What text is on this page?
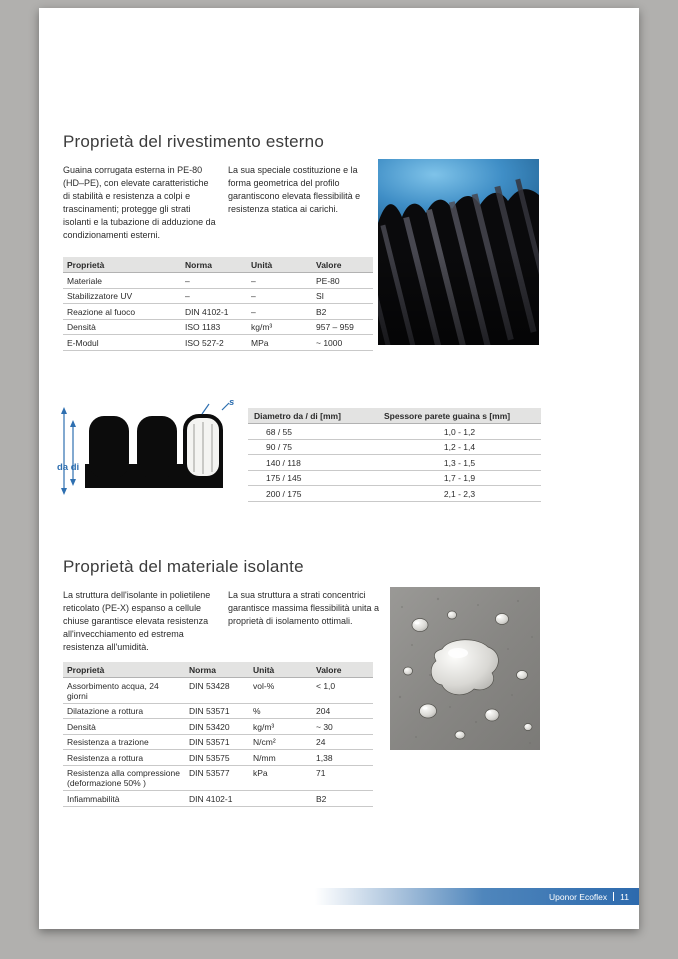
Proprietà del rivestimento esterno

Guaina corrugata esterna in PE-80 (HD–PE), con elevate caratteristiche di stabilità e resistenza a colpi e trascinamenti; protegge gli strati isolanti e la tubazione di adduzione da condizionamenti esterni.

La sua speciale costituzione e la forma geometrica del profilo garantiscono elevata flessibilità e resistenza statica ai carichi.

Proprietà	Norma	Unità	Valore
Materiale	–	–	PE-80
Stabilizzatore UV	–	–	SI
Reazione al fuoco	DIN 4102-1	–	B2
Densità	ISO 1183	kg/m³	957 – 959
E-Modul	ISO 527-2	MPa	~ 1000
da di
s
Diametro da / di [mm]	Spessore parete guaina s [mm]
68 / 55	1,0 - 1,2
90 / 75	1,2 - 1,4
140 / 118	1,3 - 1,5
175 / 145	1,7 - 1,9
200 / 175	2,1 - 2,3
Proprietà del materiale isolante

La struttura dell'isolante in polietilene reticolato (PE-X) espanso a cellule chiuse garantisce elevata resistenza all'invecchiamento ed estrema resistenza all'umidità.

La sua struttura a strati concentrici garantisce massima flessibilità unita a proprietà di isolamento ottimali.

Proprietà	Norma	Unità	Valore
Assorbimento acqua, 24 giorni	DIN 53428	vol-%	< 1,0
Dilatazione a rottura	DIN 53571	%	204
Densità	DIN 53420	kg/m³	~ 30
Resistenza a trazione	DIN 53571	N/cm²	24
Resistenza a rottura	DIN 53575	N/mm	1,38
Resistenza alla compressione (deformazione 50% )	DIN 53577	kPa	71
Infiammabilità	DIN 4102-1		B2
Uponor Ecoflex 11
